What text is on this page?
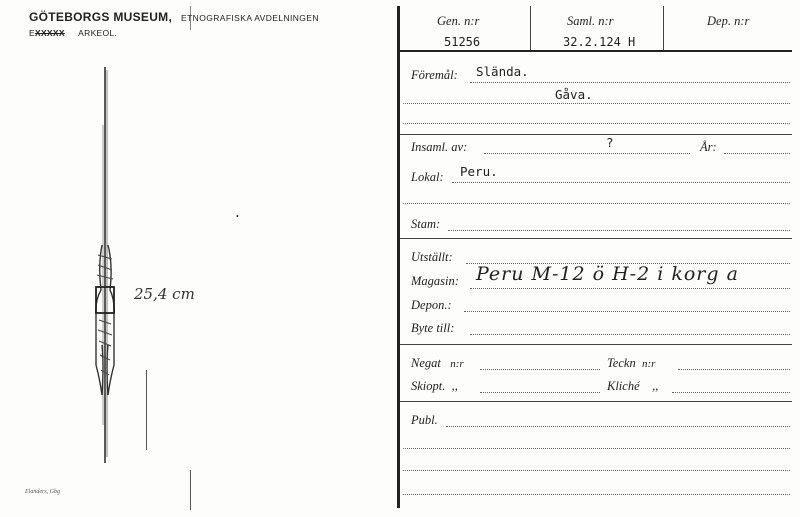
GÖTEBORGS MUSEUM, ETNOGRAFISKA AVDELNINGEN
EXXXXX ARKEOL.
25,4 cm
•
Elanders, Gbg
Gen. n:r
51256
Saml. n:r
32.2.124 H
Dep. n:r
Föremål: Slända.
Gåva.
Insaml. av:	?	År:
Lokal: Peru.
Stam:
Utställt:
Magasin: Peru M-12 ö H-2 i korg a
Depon.:
Byte till:
Negat n:r	Teckn n:r
Skiopt. ,,	Kliché ,,
Publ.
